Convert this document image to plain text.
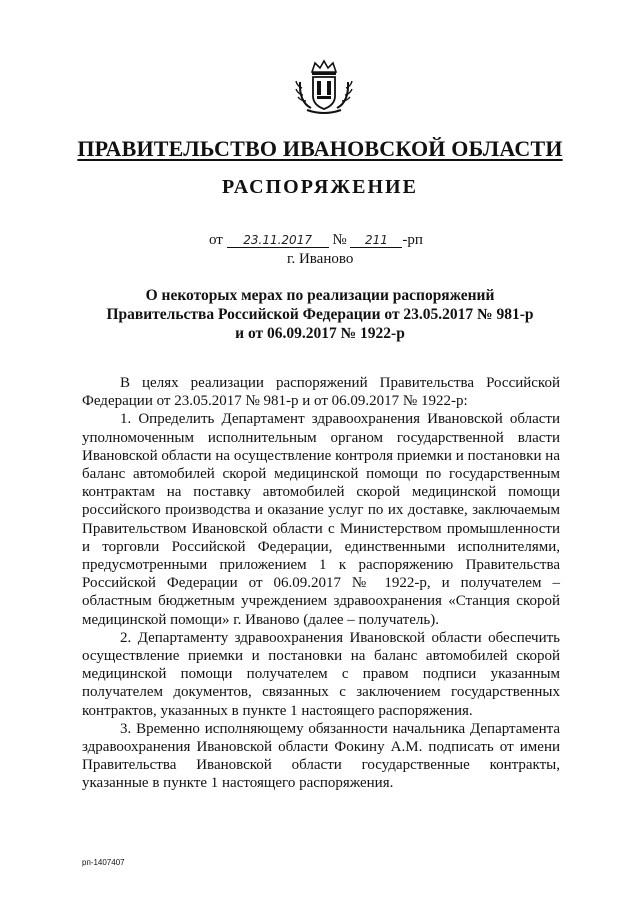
ПРАВИТЕЛЬСТВО ИВАНОВСКОЙ ОБЛАСТИ
РАСПОРЯЖЕНИЕ
от 23.11.2017 № 211 -рп
г. Иваново
О некоторых мерах по реализации распоряжений
Правительства Российской Федерации от 23.05.2017 № 981-р
и от 06.09.2017 № 1922-р
В целях реализации распоряжений Правительства Российской Федерации от 23.05.2017 № 981-р и от 06.09.2017 № 1922-р:
1. Определить Департамент здравоохранения Ивановской области уполномоченным исполнительным органом государственной власти Ивановской области на осуществление контроля приемки и постановки на баланс автомобилей скорой медицинской помощи по государственным контрактам на поставку автомобилей скорой медицинской помощи российского производства и оказание услуг по их доставке, заключаемым Правительством Ивановской области с Министерством промышленности и торговли Российской Федерации, единственными исполнителями, предусмотренными приложением 1 к распоряжению Правительства Российской Федерации от 06.09.2017 № 1922-р, и получателем – областным бюджетным учреждением здравоохранения «Станция скорой медицинской помощи» г. Иваново (далее – получатель).
2. Департаменту здравоохранения Ивановской области обеспечить осуществление приемки и постановки на баланс автомобилей скорой медицинской помощи получателем с правом подписи указанным получателем документов, связанных с заключением государственных контрактов, указанных в пункте 1 настоящего распоряжения.
3. Временно исполняющему обязанности начальника Департамента здравоохранения Ивановской области Фокину А.М. подписать от имени Правительства Ивановской области государственные контракты, указанные в пункте 1 настоящего распоряжения.
рп-1407407
